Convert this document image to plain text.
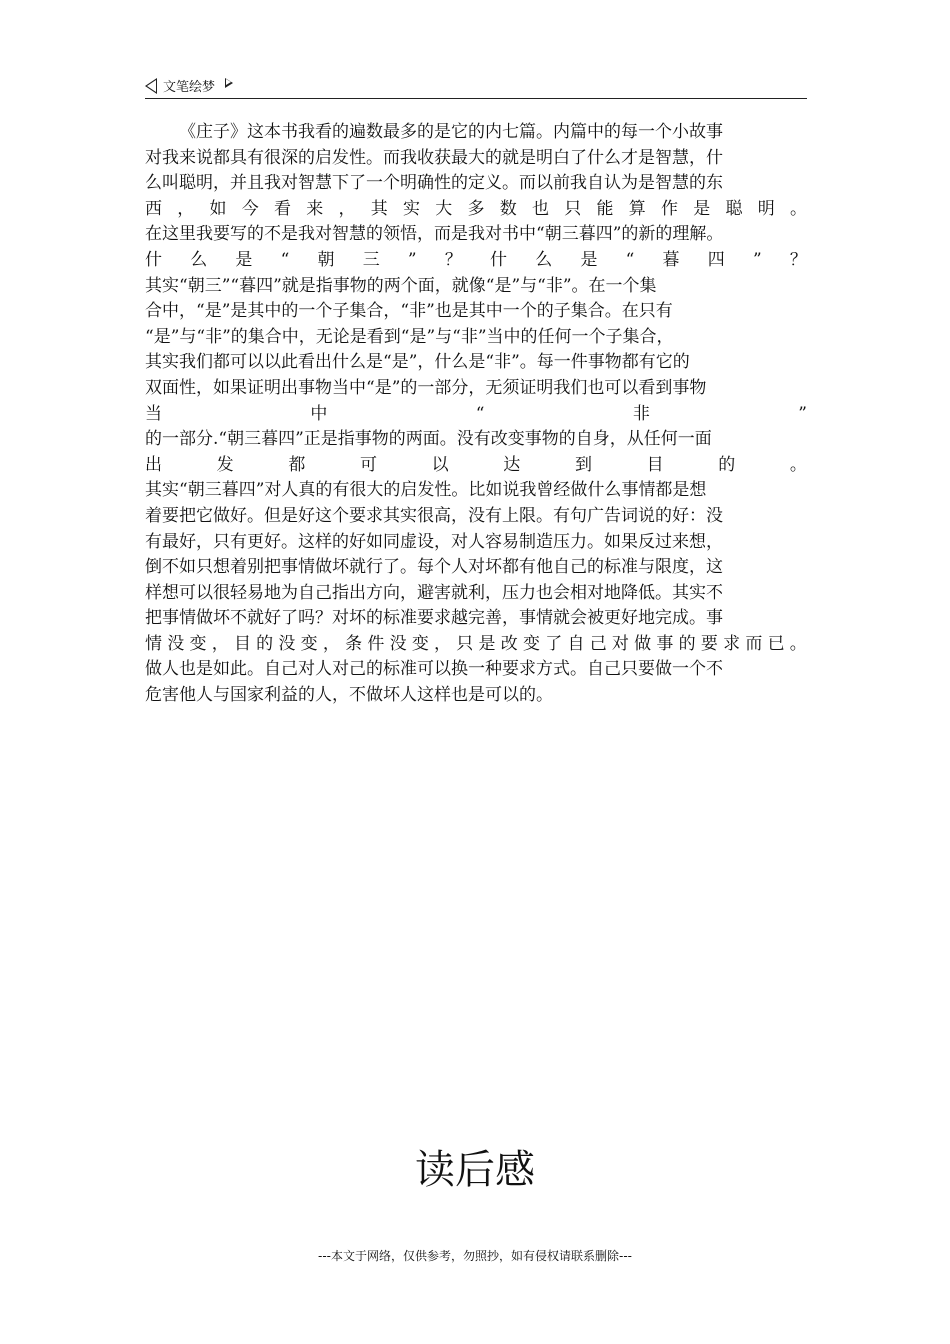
文笔绘梦
《庄子》这本书我看的遍数最多的是它的内七篇。内篇中的每一个小故事
对我来说都具有很深的启发性。而我收获最大的就是明白了什么才是智慧，什
么叫聪明，并且我对智慧下了一个明确性的定义。而以前我自认为是智慧的东
西 ， 如 今 看 来 ， 其 实 大 多 数 也 只 能 算 作 是 聪 明 。
在这里我要写的不是我对智慧的领悟，而是我对书中“朝三暮四”的新的理解。
什 么 是 “ 朝 三 ” ？ 什 么 是 “ 暮 四 ” ？
其实“朝三”“暮四”就是指事物的两个面，就像“是”与“非”。在一个集
合中，“是”是其中的一个子集合，“非”也是其中一个的子集合。在只有
“是”与“非”的集合中，无论是看到“是”与“非”当中的任何一个子集合，
其实我们都可以以此看出什么是“是”，什么是“非”。每一件事物都有它的
双面性，如果证明出事物当中“是”的一部分，无须证明我们也可以看到事物
当	中	“	非	”
的一部分.“朝三暮四”正是指事物的两面。没有改变事物的自身，从任何一面
出	发	都	可	以	达	到	目	的	。
其实“朝三暮四”对人真的有很大的启发性。比如说我曾经做什么事情都是想
着要把它做好。但是好这个要求其实很高，没有上限。有句广告词说的好：没
有最好，只有更好。这样的好如同虚设，对人容易制造压力。如果反过来想，
倒不如只想着别把事情做坏就行了。每个人对坏都有他自己的标准与限度，这
样想可以很轻易地为自己指出方向，避害就利，压力也会相对地降低。其实不
把事情做坏不就好了吗？对坏的标准要求越完善，事情就会被更好地完成。事
情 没 变 ， 目 的 没 变 ， 条 件 没 变 ， 只 是 改 变 了 自 己 对 做 事 的 要 求 而 已 。
做人也是如此。自己对人对己的标准可以换一种要求方式。自己只要做一个不
危害他人与国家利益的人，不做坏人这样也是可以的。
读后感
---本文于网络，仅供参考，勿照抄，如有侵权请联系删除---
